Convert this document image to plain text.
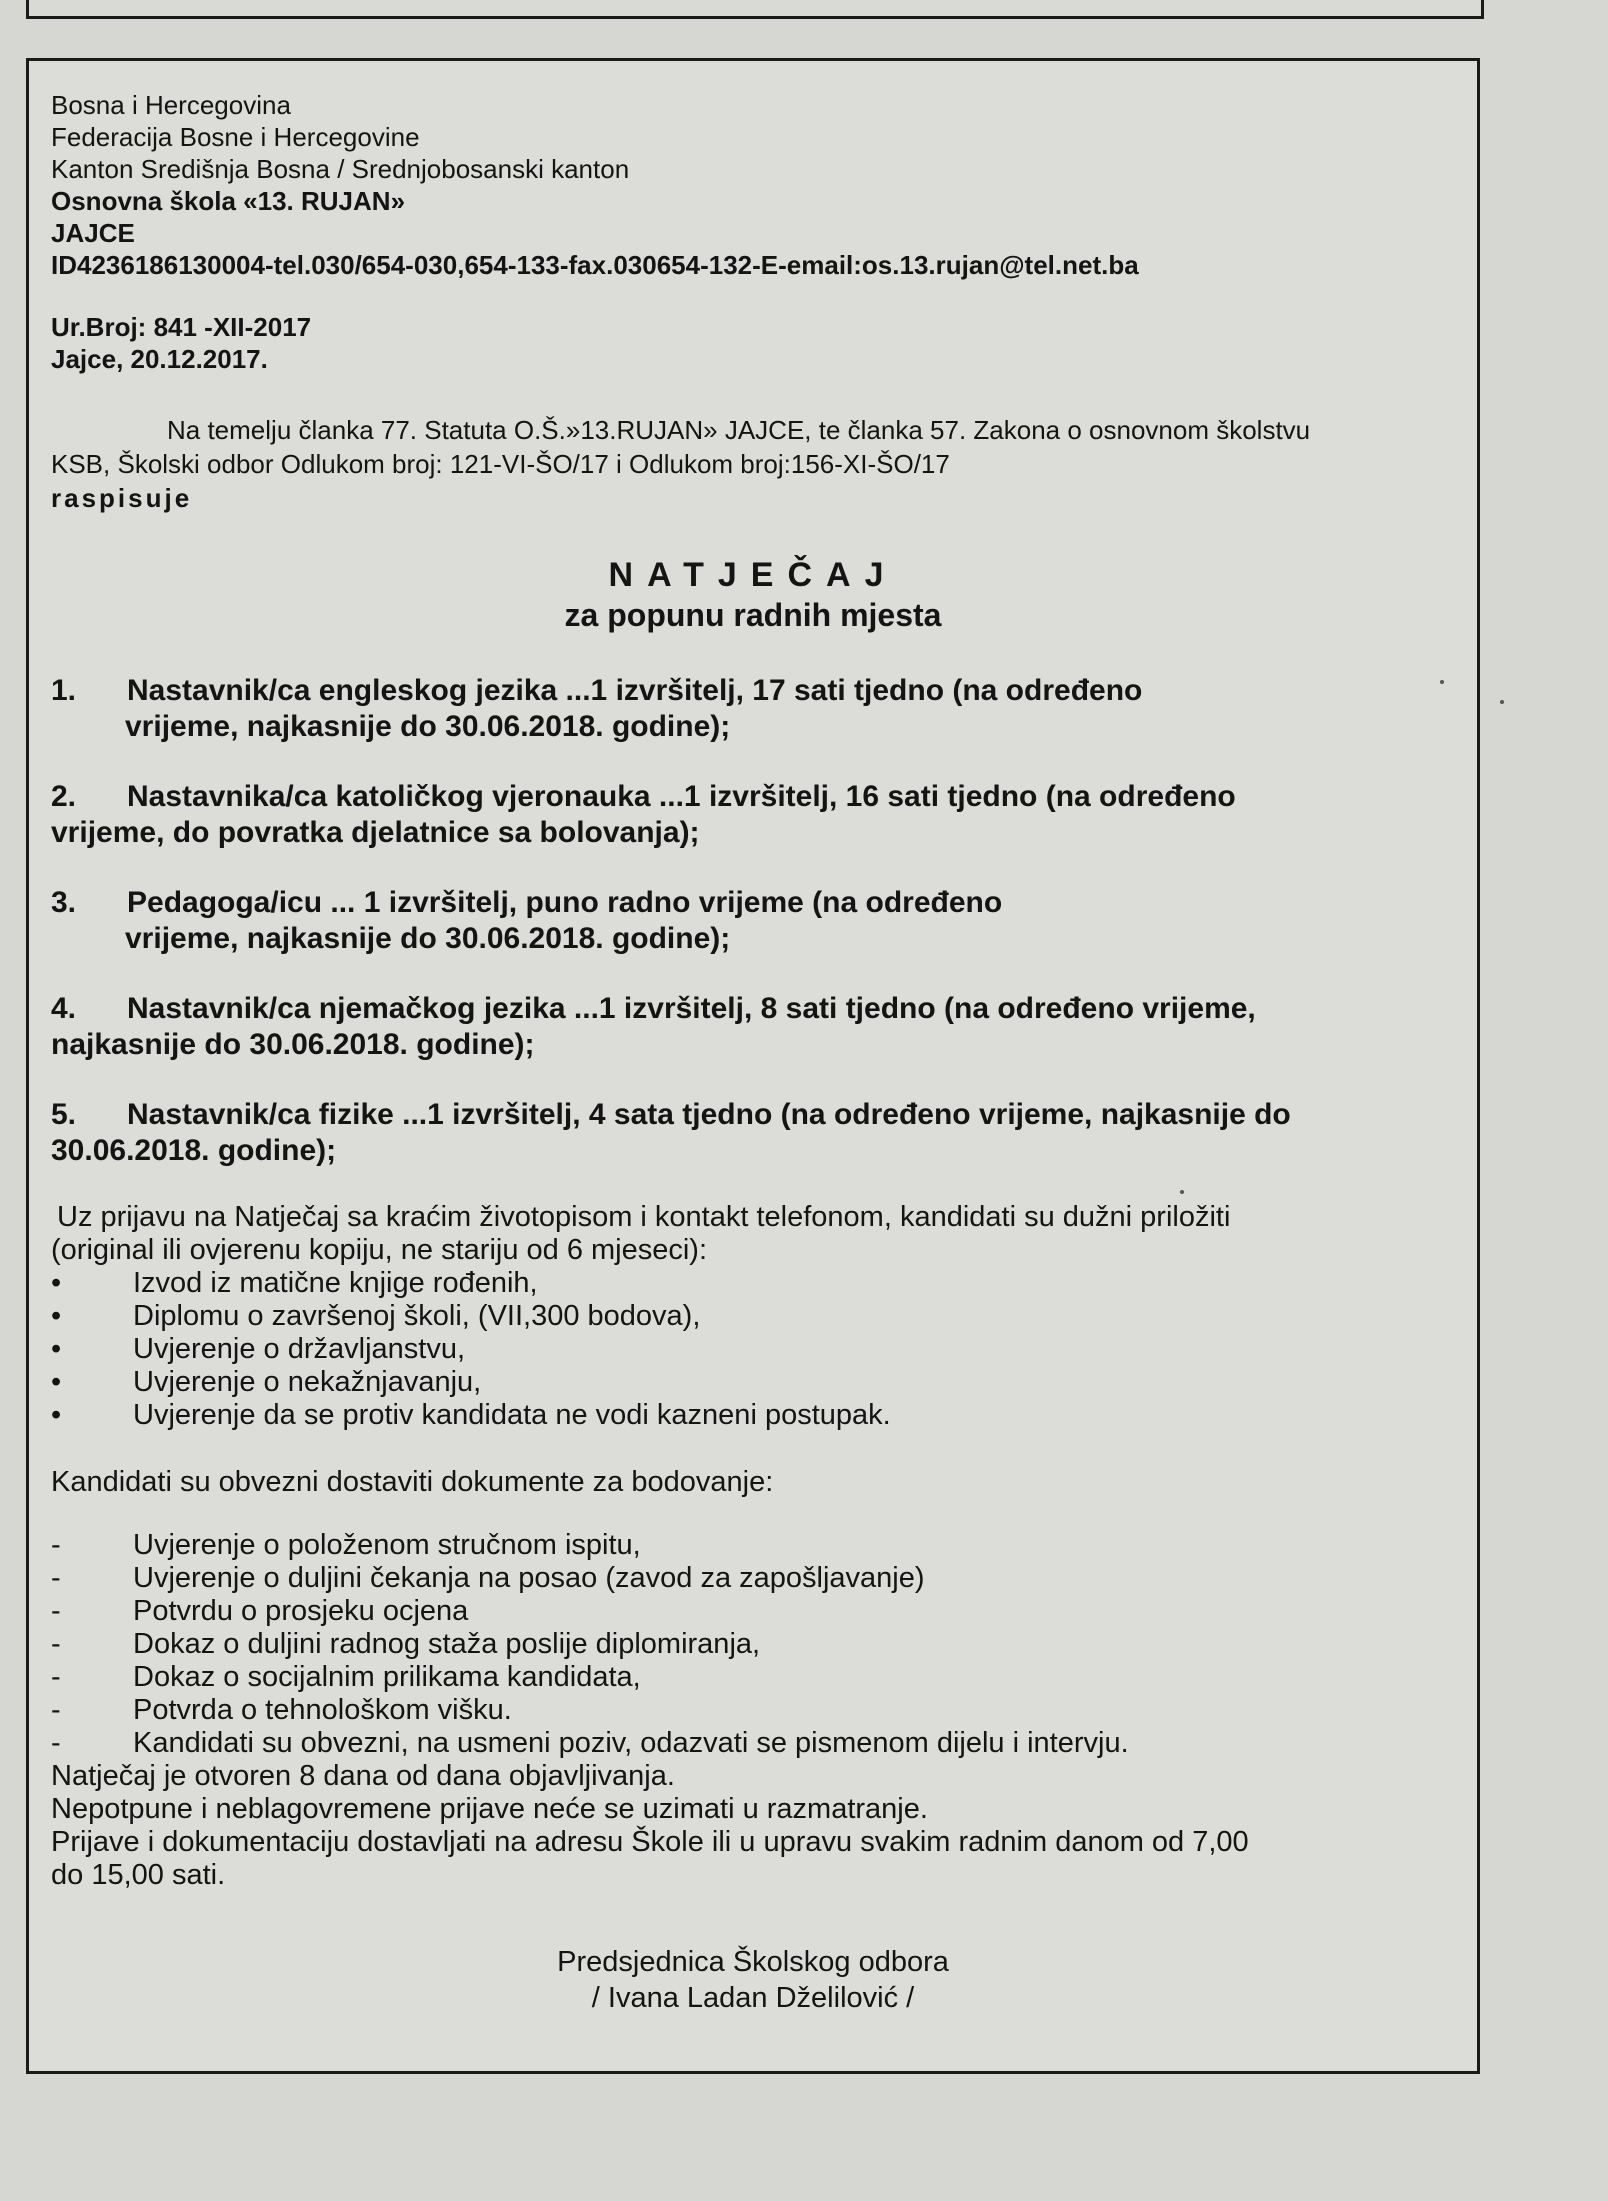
Bosna i Hercegovina
Federacija Bosne i Hercegovine
Kanton Središnja Bosna / Srednjobosanski kanton
Osnovna škola «13. RUJAN»
JAJCE
ID4236186130004-tel.030/654-030,654-133-fax.030654-132-E-email:os.13.rujan@tel.net.ba
Ur.Broj: 841 -XII-2017
Jajce, 20.12.2017.
Na temelju članka 77. Statuta O.Š.»13.RUJAN» JAJCE, te članka 57. Zakona o osnovnom školstvu
KSB, Školski odbor Odlukom broj: 121-VI-ŠO/17 i Odlukom broj:156-XI-ŠO/17
raspisuje
NATJEČAJ
za popunu radnih mjesta
1. Nastavnik/ca engleskog jezika ...1 izvršitelj, 17 sati tjedno (na određeno
vrijeme, najkasnije do 30.06.2018. godine);
2. Nastavnika/ca katoličkog vjeronauka ...1 izvršitelj, 16 sati tjedno (na određeno
vrijeme, do povratka djelatnice sa bolovanja);
3. Pedagoga/icu ... 1 izvršitelj, puno radno vrijeme (na određeno
vrijeme, najkasnije do 30.06.2018. godine);
4. Nastavnik/ca njemačkog jezika ...1 izvršitelj, 8 sati tjedno (na određeno vrijeme,
najkasnije do 30.06.2018. godine);
5. Nastavnik/ca fizike ...1 izvršitelj, 4 sata tjedno (na određeno vrijeme, najkasnije do
30.06.2018. godine);
Uz prijavu na Natječaj sa kraćim životopisom i kontakt telefonom, kandidati su dužni priložiti
(original ili ovjerenu kopiju, ne stariju od 6 mjeseci):
•	Izvod iz matične knjige rođenih,
•	Diplomu o završenoj školi, (VII,300 bodova),
•	Uvjerenje o državljanstvu,
•	Uvjerenje o nekažnjavanju,
•	Uvjerenje da se protiv kandidata ne vodi kazneni postupak.
Kandidati su obvezni dostaviti dokumente za bodovanje:
-	Uvjerenje o položenom stručnom ispitu,
-	Uvjerenje o duljini čekanja na posao (zavod za zapošljavanje)
-	Potvrdu o prosjeku ocjena
-	Dokaz o duljini radnog staža poslije diplomiranja,
-	Dokaz o socijalnim prilikama kandidata,
-	Potvrda o tehnološkom višku.
-	Kandidati su obvezni, na usmeni poziv, odazvati se pismenom dijelu i intervju.
Natječaj je otvoren 8 dana od dana objavljivanja.
Nepotpune i neblagovremene prijave neće se uzimati u razmatranje.
Prijave i dokumentaciju dostavljati na adresu Škole ili u upravu svakim radnim danom od 7,00
do 15,00 sati.
Predsjednica Školskog odbora
/ Ivana Ladan Dželilović /
